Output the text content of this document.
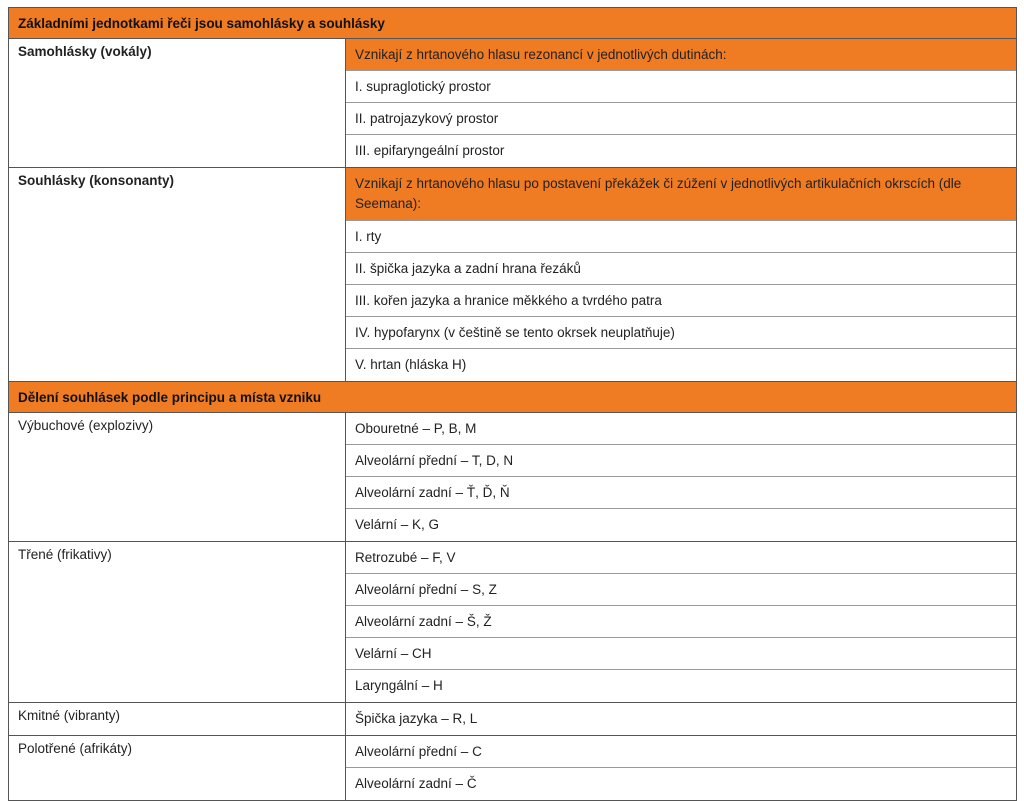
Základními jednotkami řeči jsou samohlásky a souhlásky
Samohlásky (vokály)	Vznikají z hrtanového hlasu rezonancí v jednotlivých dutinách:
I. supraglotický prostor
II. patrojazykový prostor
III. epifaryngeální prostor
Souhlásky (konsonanty)	Vznikají z hrtanového hlasu po postavení překážek či zúžení v jednotlivých artikulačních okrscích (dle Seemana):
I. rty
II. špička jazyka a zadní hrana řezáků
III. kořen jazyka a hranice měkkého a tvrdého patra
IV. hypofarynx (v češtině se tento okrsek neuplatňuje)
V. hrtan (hláska H)
Dělení souhlásek podle principu a místa vzniku
Výbuchové (explozivy)	Obouretné – P, B, M
Alveolární přední – T, D, N
Alveolární zadní – Ť, Ď, Ň
Velární – K, G
Třené (frikativy)	Retrozubé – F, V
Alveolární přední – S, Z
Alveolární zadní – Š, Ž
Velární – CH
Laryngální – H
Kmitné (vibranty)	Špička jazyka – R, L
Polotřené (afrikáty)	Alveolární přední – C
Alveolární zadní – Č
